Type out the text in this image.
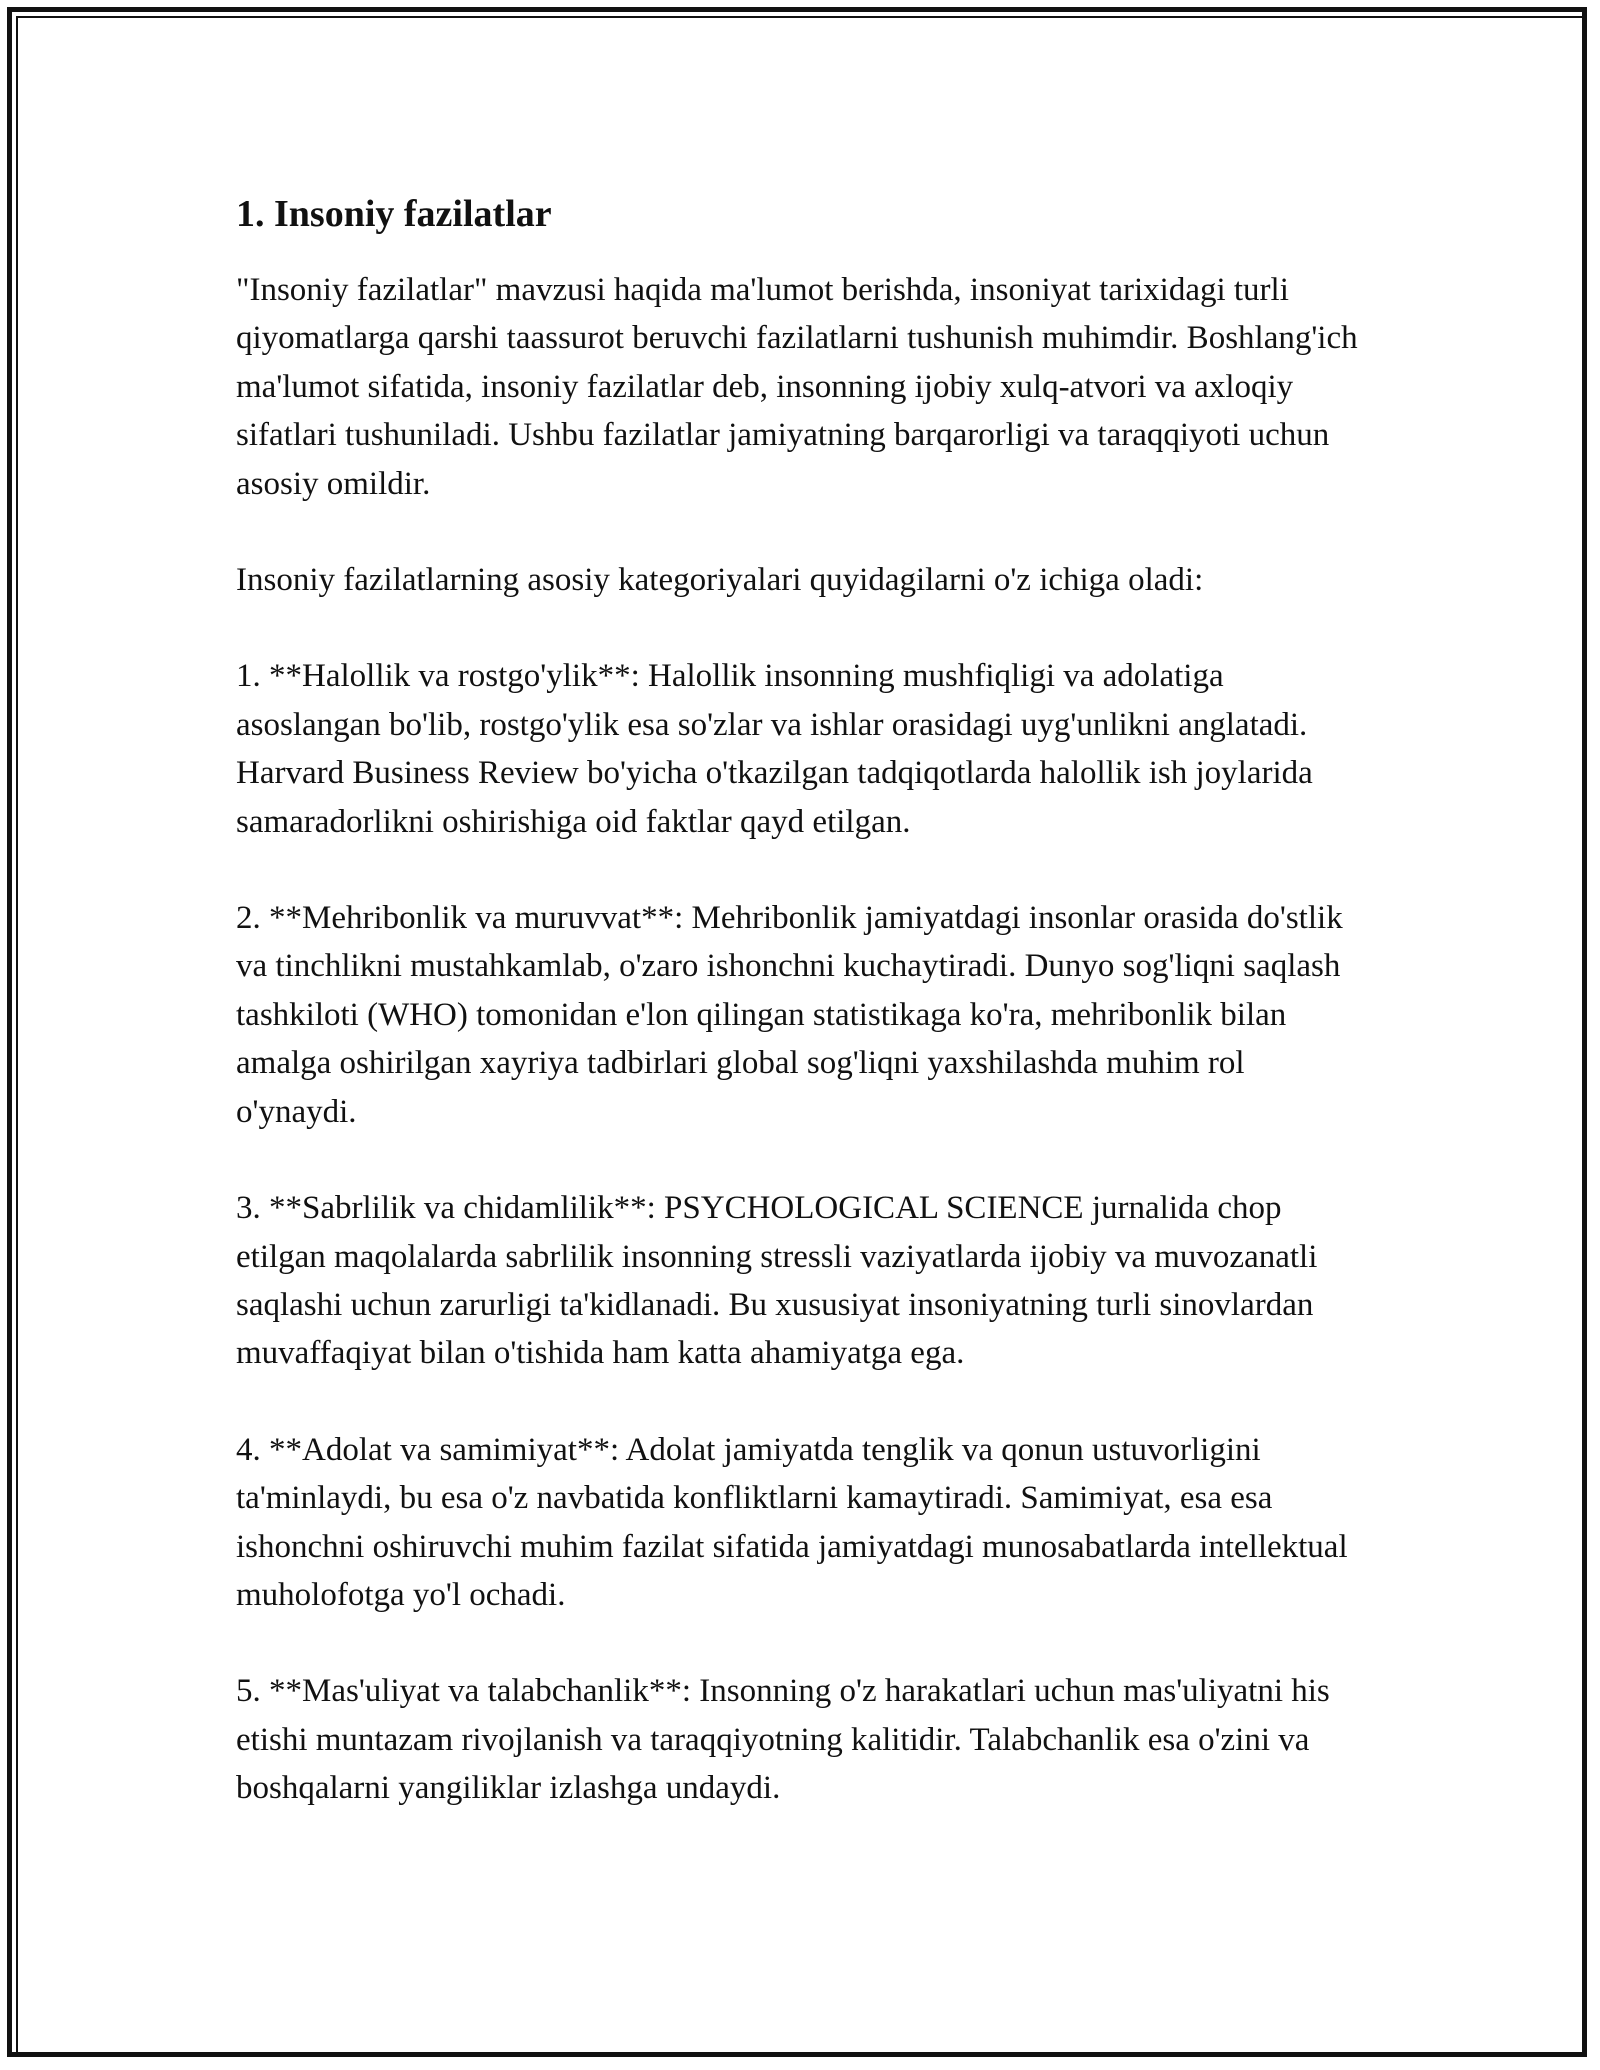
1. Insoniy fazilatlar

"Insoniy fazilatlar" mavzusi haqida ma'lumot berishda, insoniyat tarixidagi turli qiyomatlarga qarshi taassurot beruvchi fazilatlarni tushunish muhimdir. Boshlang'ich ma'lumot sifatida, insoniy fazilatlar deb, insonning ijobiy xulq-atvori va axloqiy sifatlari tushuniladi. Ushbu fazilatlar jamiyatning barqarorligi va taraqqiyoti uchun asosiy omildir.

Insoniy fazilatlarning asosiy kategoriyalari quyidagilarni o'z ichiga oladi:

1. **Halollik va rostgo'ylik**: Halollik insonning mushfiqligi va adolatiga asoslangan bo'lib, rostgo'ylik esa so'zlar va ishlar orasidagi uyg'unlikni anglatadi. Harvard Business Review bo'yicha o'tkazilgan tadqiqotlarda halollik ish joylarida samaradorlikni oshirishiga oid faktlar qayd etilgan.

2. **Mehribonlik va muruvvat**: Mehribonlik jamiyatdagi insonlar orasida do'stlik va tinchlikni mustahkamlab, o'zaro ishonchni kuchaytiradi. Dunyo sog'liqni saqlash tashkiloti (WHO) tomonidan e'lon qilingan statistikaga ko'ra, mehribonlik bilan amalga oshirilgan xayriya tadbirlari global sog'liqni yaxshilashda muhim rol o'ynaydi.

3. **Sabrlilik va chidamlilik**: PSYCHOLOGICAL SCIENCE jurnalida chop etilgan maqolalarda sabrlilik insonning stressli vaziyatlarda ijobiy va muvozanatli saqlashi uchun zarurligi ta'kidlanadi. Bu xususiyat insoniyatning turli sinovlardan muvaffaqiyat bilan o'tishida ham katta ahamiyatga ega.

4. **Adolat va samimiyat**: Adolat jamiyatda tenglik va qonun ustuvorligini ta'minlaydi, bu esa o'z navbatida konfliktlarni kamaytiradi. Samimiyat, esa esa ishonchni oshiruvchi muhim fazilat sifatida jamiyatdagi munosabatlarda intellektual muholofotga yo'l ochadi.

5. **Mas'uliyat va talabchanlik**: Insonning o'z harakatlari uchun mas'uliyatni his etishi muntazam rivojlanish va taraqqiyotning kalitidir. Talabchanlik esa o'zini va boshqalarni yangiliklar izlashga undaydi.
